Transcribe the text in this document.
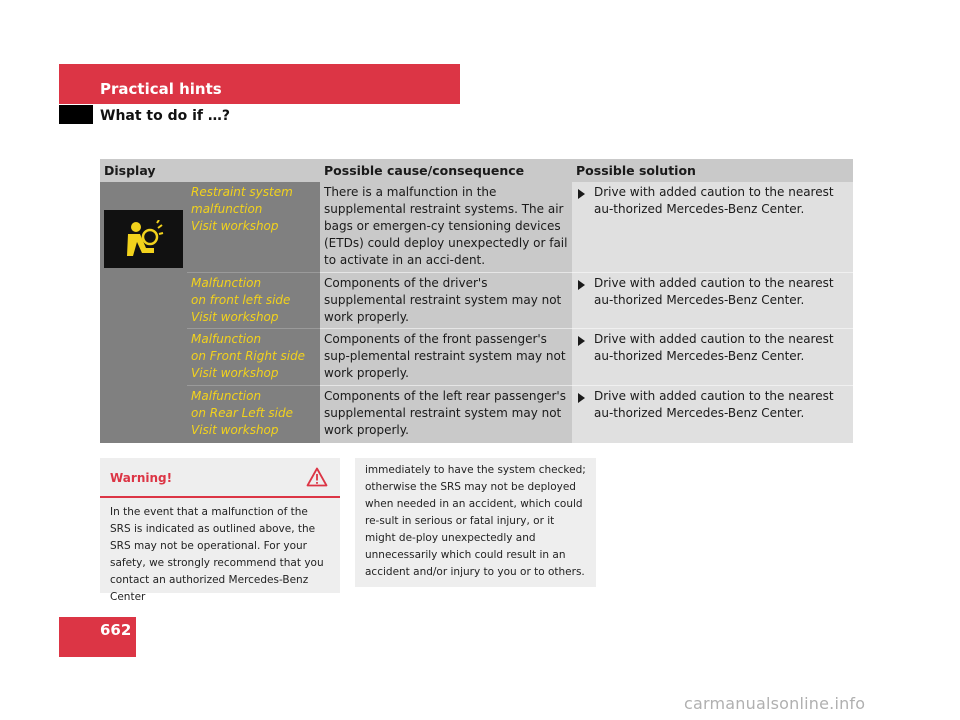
Practical hints
What to do if …?
Display	Possible cause/consequence	Possible solution
Restraint system
malfunction
Visit workshop
There is a malfunction in the supplemental restraint systems. The air bags or emergen-cy tensioning devices (ETDs) could deploy unexpectedly or fail to activate in an acci-dent.
Drive with added caution to the nearest au-thorized Mercedes-Benz Center.
Malfunction
on front left side
Visit workshop
Components of the driver's supplemental restraint system may not work properly.
Drive with added caution to the nearest au-thorized Mercedes-Benz Center.
Malfunction
on Front Right side
Visit workshop
Components of the front passenger's sup-plemental restraint system may not work properly.
Drive with added caution to the nearest au-thorized Mercedes-Benz Center.
Malfunction
on Rear Left side
Visit workshop
Components of the left rear passenger's supplemental restraint system may not work properly.
Drive with added caution to the nearest au-thorized Mercedes-Benz Center.
Warning!
In the event that a malfunction of the SRS is indicated as outlined above, the SRS may not be operational. For your safety, we strongly recommend that you contact an authorized Mercedes-Benz Center
immediately to have the system checked; otherwise the SRS may not be deployed when needed in an accident, which could re-sult in serious or fatal injury, or it might de-ploy unexpectedly and unnecessarily which could result in an accident and/or injury to you or to others.
662
carmanualsonline.info
